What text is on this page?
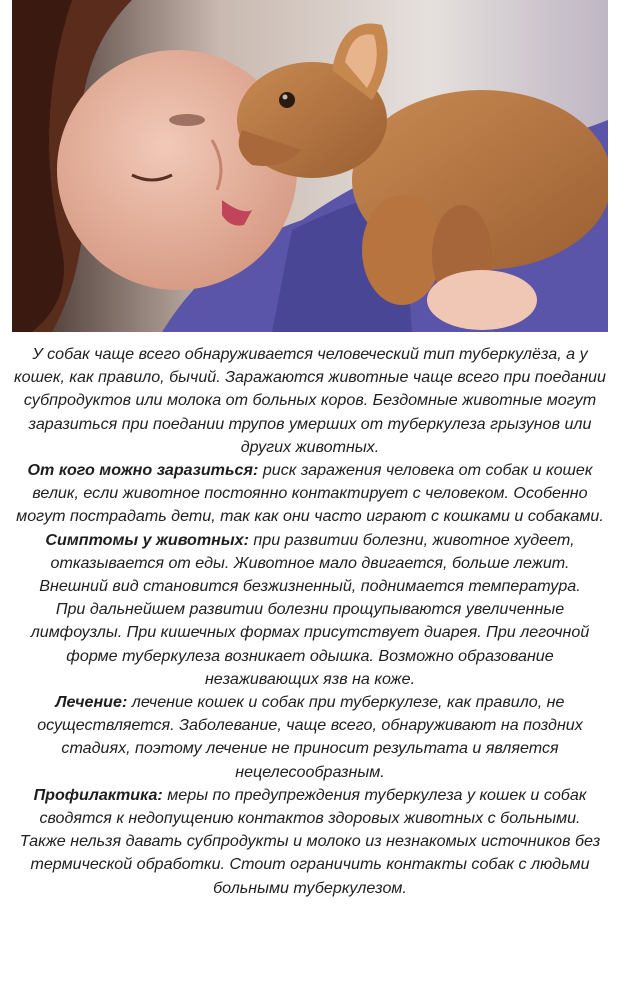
У собак чаще всего обнаруживается человеческий тип туберкулёза, а у кошек, как правило, бычий. Заражаются животные чаще всего при поедании субпродуктов или молока от больных коров. Бездомные животные могут заразиться при поедании трупов умерших от туберкулеза грызунов или других животных.

От кого можно заразиться: риск заражения человека от собак и кошек велик, если животное постоянно контактирует с человеком. Особенно могут пострадать дети, так как они часто играют с кошками и собаками.

Симптомы у животных: при развитии болезни, животное худеет, отказывается от еды. Животное мало двигается, больше лежит. Внешний вид становится безжизненный, поднимается температура.

При дальнейшем развитии болезни прощупываются увеличенные лимфоузлы. При кишечных формах присутствует диарея. При легочной форме туберкулеза возникает одышка. Возможно образование незаживающих язв на коже.

Лечение: лечение кошек и собак при туберкулезе, как правило, не осуществляется. Заболевание, чаще всего, обнаруживают на поздних стадиях, поэтому лечение не приносит результата и является нецелесообразным.

Профилактика: меры по предупреждения туберкулеза у кошек и собак сводятся к недопущению контактов здоровых животных с больными.

Также нельзя давать субпродукты и молоко из незнакомых источников без термической обработки. Стоит ограничить контакты собак с людьми больными туберкулезом.
